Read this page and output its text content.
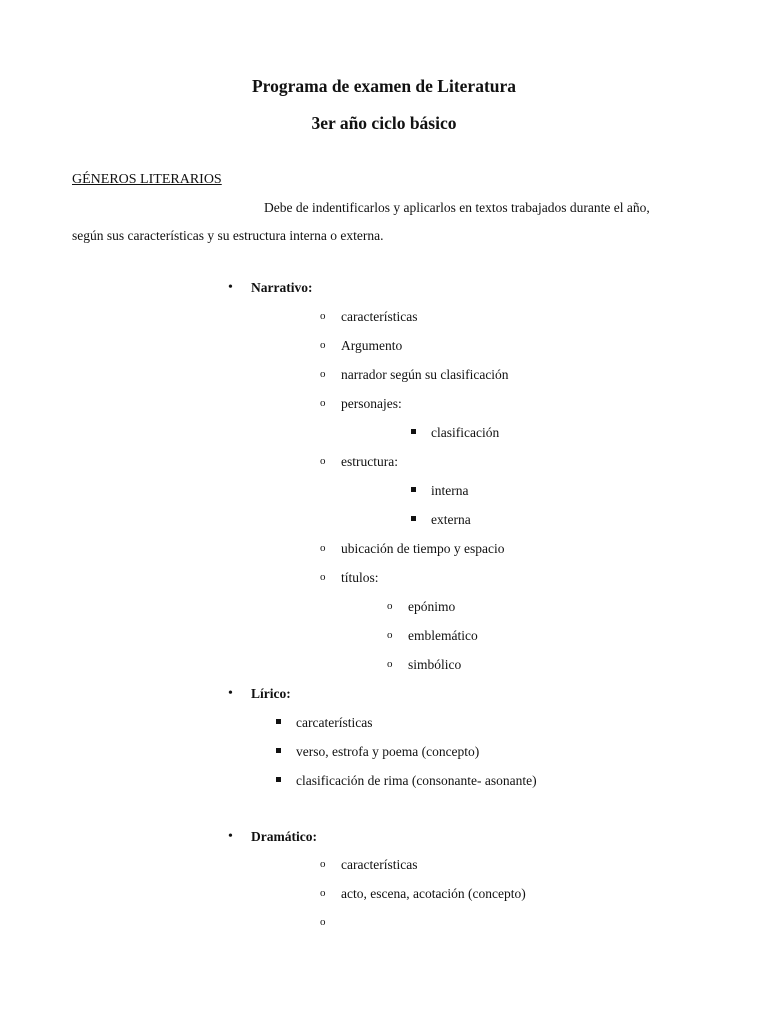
Programa de examen de Literatura
3er año ciclo básico
GÉNEROS LITERARIOS
Debe de indentificarlos y aplicarlos en textos trabajados durante el año,
según sus características y su estructura interna o externa.
• Narrativo:
o características
o Argumento
o narrador según su clasificación
o personajes:
clasificación
o estructura:
interna
externa
o ubicación de tiempo y espacio
o títulos:
o epónimo
o emblemático
o simbólico
• Lírico:
carcaterísticas
verso, estrofa y poema (concepto)
clasificación de rima (consonante- asonante)
• Dramático:
o características
o acto, escena, acotación (concepto)
o
